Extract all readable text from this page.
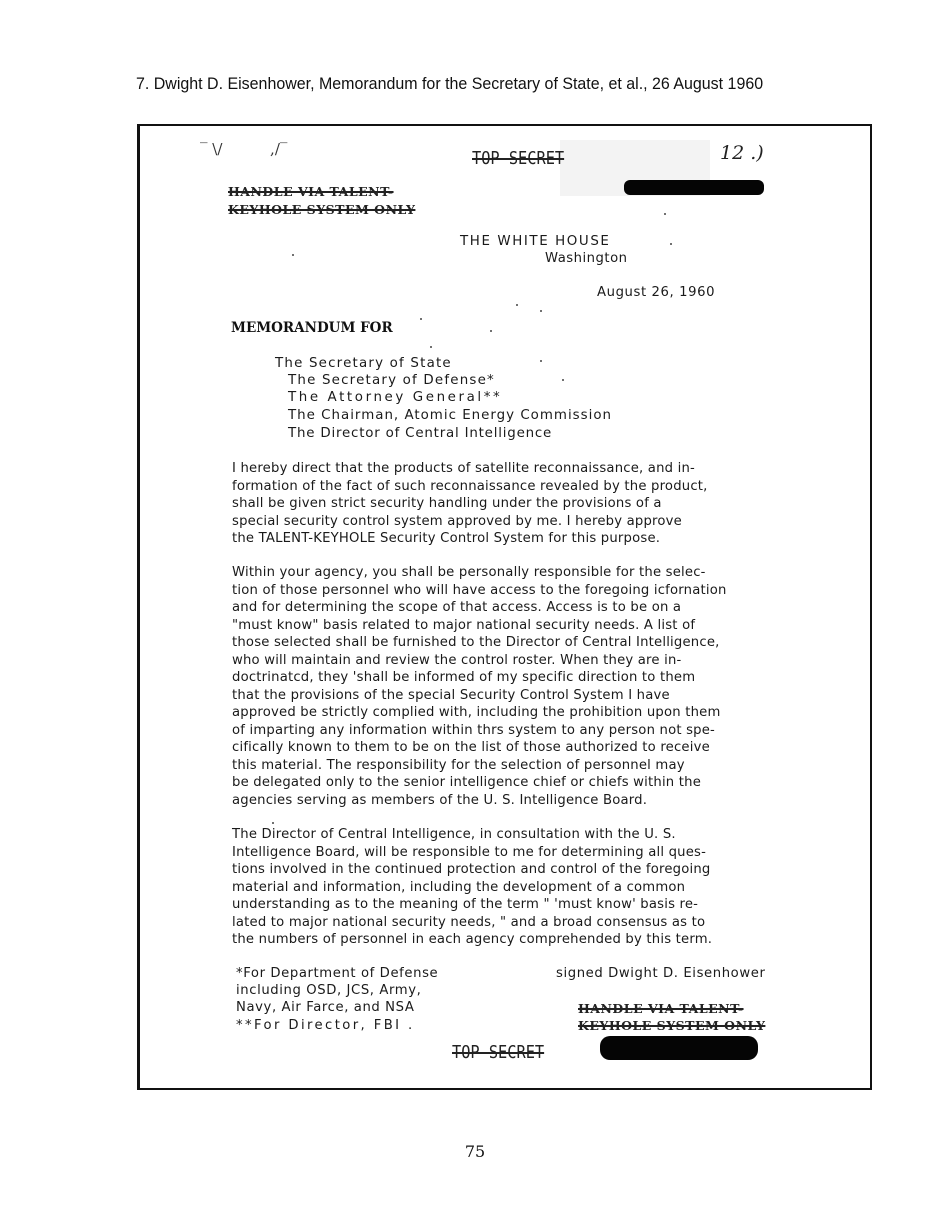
7. Dwight D. Eisenhower, Memorandum for the Secretary of State, et al., 26 August 1960
‾ \/          ,/‾	TOP SECRET	12 .)
HANDLE VIA TALENT-
KEYHOLE SYSTEM ONLY
THE WHITE HOUSE
Washington
August 26, 1960
MEMORANDUM FOR
The Secretary of State
The Secretary of Defense*
The Attorney General**
The Chairman, Atomic Energy Commission
The Director of Central Intelligence
I hereby direct that the products of satellite reconnaissance, and in-
formation of the fact of such reconnaissance revealed by the product,
shall be given strict security handling under the provisions of a
special security control system approved by me. I hereby approve
the TALENT-KEYHOLE Security Control System for this purpose.
Within your agency, you shall be personally responsible for the selec-
tion of those personnel who will have access to the foregoing icfornation
and for determining the scope of that access. Access is to be on a
"must know" basis related to major national security needs. A list of
those selected shall be furnished to the Director of Central Intelligence,
who will maintain and review the control roster. When they are in-
doctrinatcd, they 'shall be informed of my specific direction to them
that the provisions of the special Security Control System I have
approved be strictly complied with, including the prohibition upon them
of imparting any information within thrs system to any person not spe-
cifically known to them to be on the list of those authorized to receive
this material. The responsibility for the selection of personnel may
be delegated only to the senior intelligence chief or chiefs within the
agencies serving as members of the U. S. Intelligence Board.
The Director of Central Intelligence, in consultation with the U. S.
Intelligence Board, will be responsible to me for determining all ques-
tions involved in the continued protection and control of the foregoing
material and information, including the development of a common
understanding as to the meaning of the term " 'must know' basis re-
lated to major national security needs, " and a broad consensus as to
the numbers of personnel in each agency comprehended by this term.
*For Department of Defense
including OSD, JCS, Army,
Navy, Air Farce, and NSA
**For Director, FBI .
signed Dwight D. Eisenhower
HANDLE VIA TALENT-
KEYHOLE SYSTEM ONLY
TOP SECRET
75
